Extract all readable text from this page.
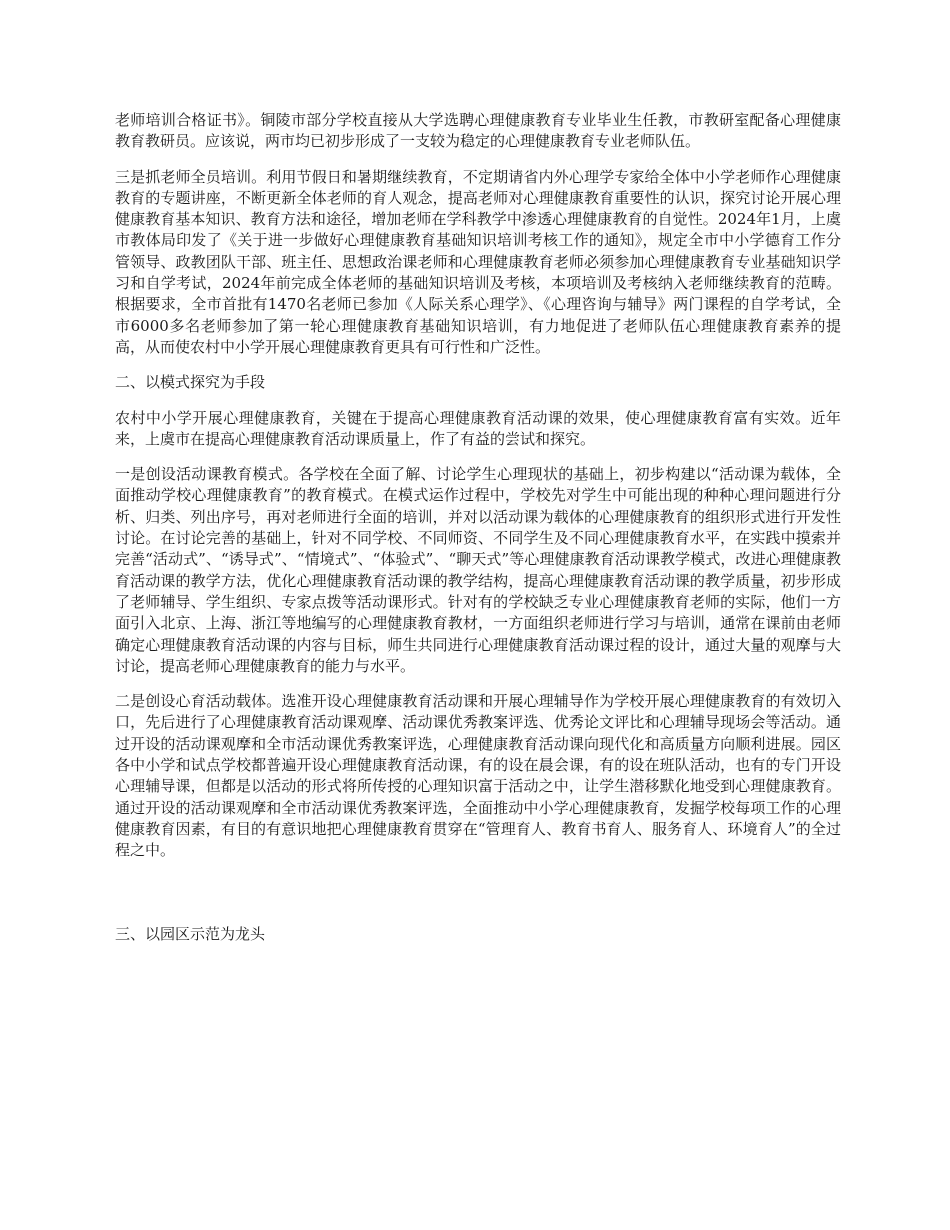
老师培训合格证书》。铜陵市部分学校直接从大学选聘心理健康教育专业毕业生任教，市教研室配备心理健康教育教研员。应该说，两市均已初步形成了一支较为稳定的心理健康教育专业老师队伍。

三是抓老师全员培训。利用节假日和暑期继续教育，不定期请省内外心理学专家给全体中小学老师作心理健康教育的专题讲座，不断更新全体老师的育人观念，提高老师对心理健康教育重要性的认识，探究讨论开展心理健康教育基本知识、教育方法和途径，增加老师在学科教学中渗透心理健康教育的自觉性。2024年1月，上虞市教体局印发了《关于进一步做好心理健康教育基础知识培训考核工作的通知》，规定全市中小学德育工作分管领导、政教团队干部、班主任、思想政治课老师和心理健康教育老师必须参加心理健康教育专业基础知识学习和自学考试，2024年前完成全体老师的基础知识培训及考核，本项培训及考核纳入老师继续教育的范畴。根据要求，全市首批有1470名老师已参加《人际关系心理学》、《心理咨询与辅导》两门课程的自学考试，全市6000多名老师参加了第一轮心理健康教育基础知识培训，有力地促进了老师队伍心理健康教育素养的提高，从而使农村中小学开展心理健康教育更具有可行性和广泛性。

二、以模式探究为手段

农村中小学开展心理健康教育，关键在于提高心理健康教育活动课的效果，使心理健康教育富有实效。近年来，上虞市在提高心理健康教育活动课质量上，作了有益的尝试和探究。

一是创设活动课教育模式。各学校在全面了解、讨论学生心理现状的基础上，初步构建以“活动课为载体，全面推动学校心理健康教育”的教育模式。在模式运作过程中，学校先对学生中可能出现的种种心理问题进行分析、归类、列出序号，再对老师进行全面的培训，并对以活动课为载体的心理健康教育的组织形式进行开发性讨论。在讨论完善的基础上，针对不同学校、不同师资、不同学生及不同心理健康教育水平，在实践中摸索并完善“活动式”、“诱导式”、“情境式”、“体验式”、“聊天式”等心理健康教育活动课教学模式，改进心理健康教育活动课的教学方法，优化心理健康教育活动课的教学结构，提高心理健康教育活动课的教学质量，初步形成了老师辅导、学生组织、专家点拨等活动课形式。针对有的学校缺乏专业心理健康教育老师的实际，他们一方面引入北京、上海、浙江等地编写的心理健康教育教材，一方面组织老师进行学习与培训，通常在课前由老师确定心理健康教育活动课的内容与目标，师生共同进行心理健康教育活动课过程的设计，通过大量的观摩与大讨论，提高老师心理健康教育的能力与水平。

二是创设心育活动载体。选准开设心理健康教育活动课和开展心理辅导作为学校开展心理健康教育的有效切入口，先后进行了心理健康教育活动课观摩、活动课优秀教案评选、优秀论文评比和心理辅导现场会等活动。通过开设的活动课观摩和全市活动课优秀教案评选，心理健康教育活动课向现代化和高质量方向顺利进展。园区各中小学和试点学校都普遍开设心理健康教育活动课，有的设在晨会课，有的设在班队活动，也有的专门开设心理辅导课，但都是以活动的形式将所传授的心理知识富于活动之中，让学生潜移默化地受到心理健康教育。通过开设的活动课观摩和全市活动课优秀教案评选，全面推动中小学心理健康教育，发掘学校每项工作的心理健康教育因素，有目的有意识地把心理健康教育贯穿在“管理育人、教育书育人、服务育人、环境育人”的全过程之中。

三、以园区示范为龙头
